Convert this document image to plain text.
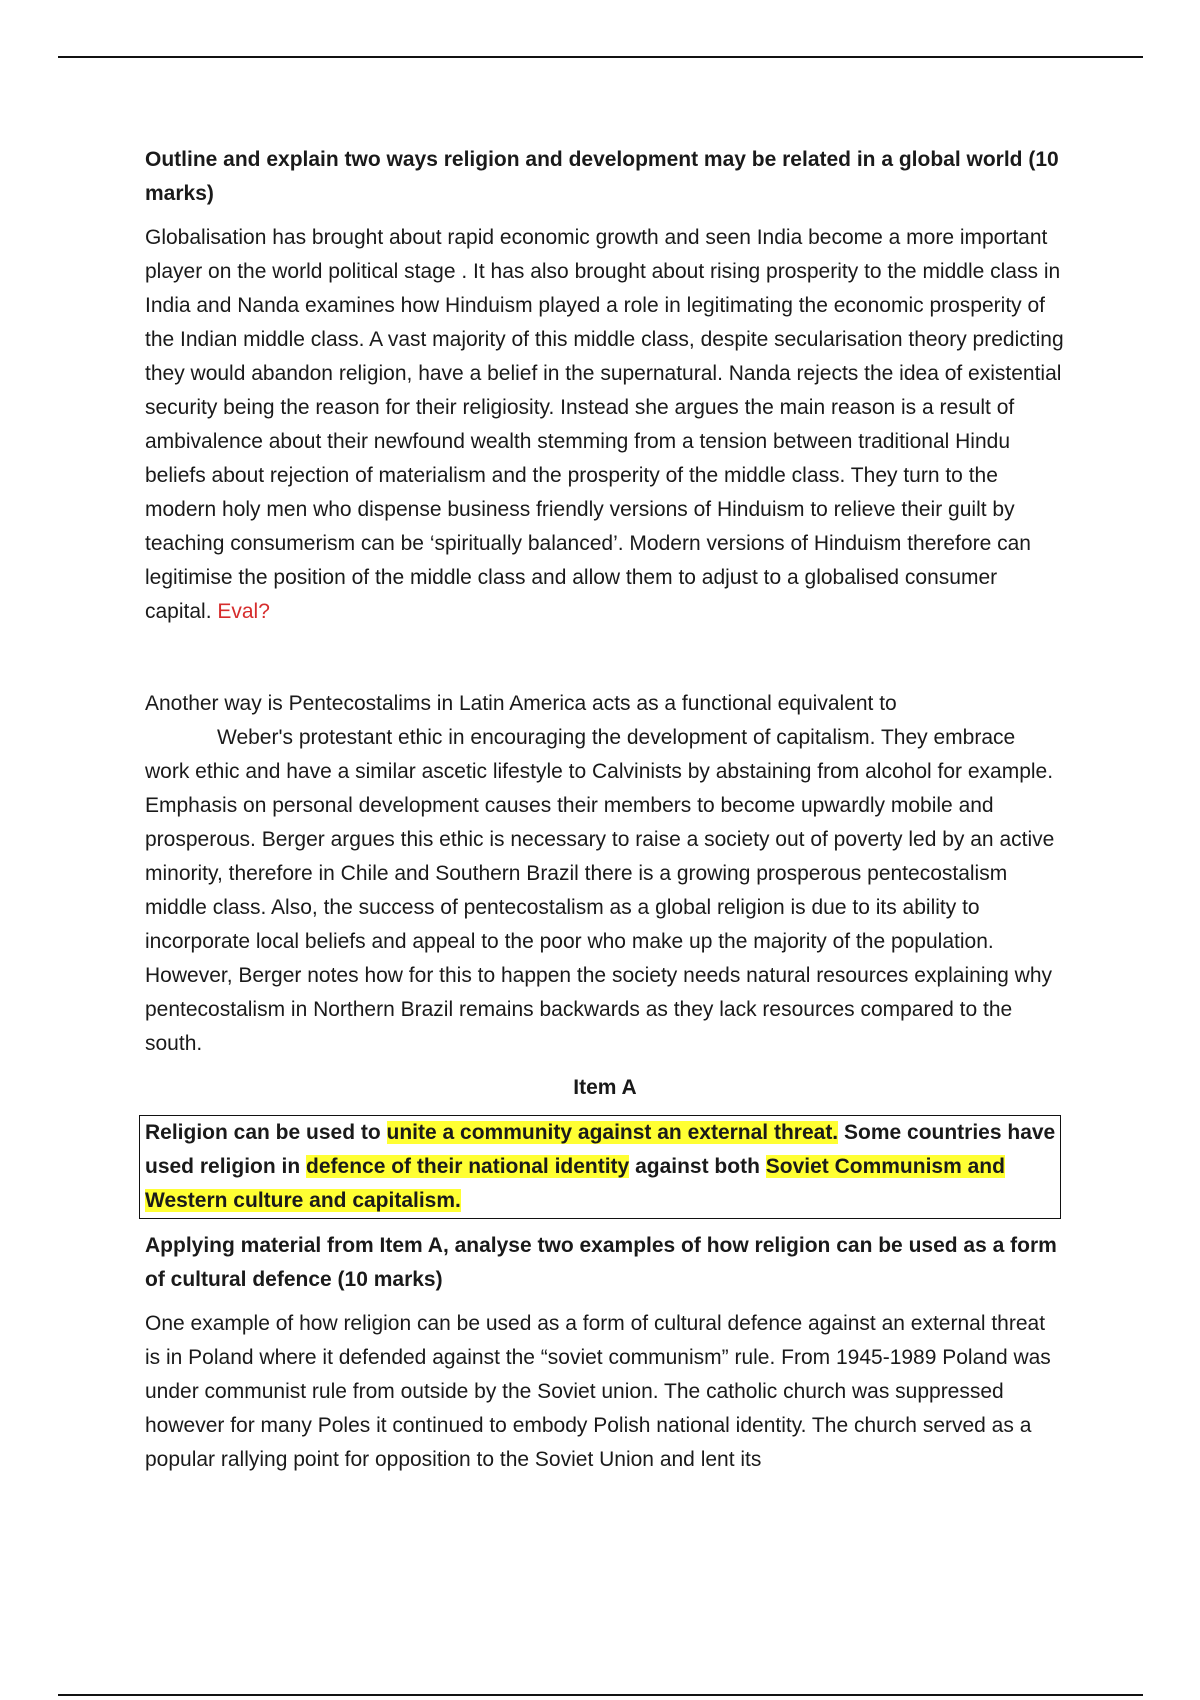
Outline and explain two ways religion and development may be related in a global world (10 marks)

Globalisation has brought about rapid economic growth and seen India become a more important player on the world political stage . It has also brought about rising prosperity to the middle class in India and Nanda examines how Hinduism played a role in legitimating the economic prosperity of the Indian middle class. A vast majority of this middle class, despite secularisation theory predicting they would abandon religion, have a belief in the supernatural. Nanda rejects the idea of existential security being the reason for their religiosity. Instead she argues the main reason is a result of ambivalence about their newfound wealth stemming from a tension between traditional Hindu beliefs about rejection of materialism and the prosperity of the middle class. They turn to the modern holy men who dispense business friendly versions of Hinduism to relieve their guilt by teaching consumerism can be ‘spiritually balanced’. Modern versions of Hinduism therefore can legitimise the position of the middle class and allow them to adjust to a globalised consumer capital. Eval?

Another way is Pentecostalims in Latin America acts as a functional equivalent to
Weber's protestant ethic in encouraging the development of capitalism. They embrace work ethic and have a similar ascetic lifestyle to Calvinists by abstaining from alcohol for example. Emphasis on personal development causes their members to become upwardly mobile and prosperous. Berger argues this ethic is necessary to raise a society out of poverty led by an active minority, therefore in Chile and Southern Brazil there is a growing prosperous pentecostalism middle class. Also, the success of pentecostalism as a global religion is due to its ability to incorporate local beliefs and appeal to the poor who make up the majority of the population. However, Berger notes how for this to happen the society needs natural resources explaining why pentecostalism in Northern Brazil remains backwards as they lack resources compared to the south.

Item A

Religion can be used to unite a community against an external threat. Some countries have used religion in defence of their national identity against both Soviet Communism and Western culture and capitalism.

Applying material from Item A, analyse two examples of how religion can be used as a form of cultural defence (10 marks)

One example of how religion can be used as a form of cultural defence against an external threat is in Poland where it defended against the “soviet communism” rule. From 1945-1989 Poland was under communist rule from outside by the Soviet union. The catholic church was suppressed however for many Poles it continued to embody Polish national identity. The church served as a popular rallying point for opposition to the Soviet Union and lent its
